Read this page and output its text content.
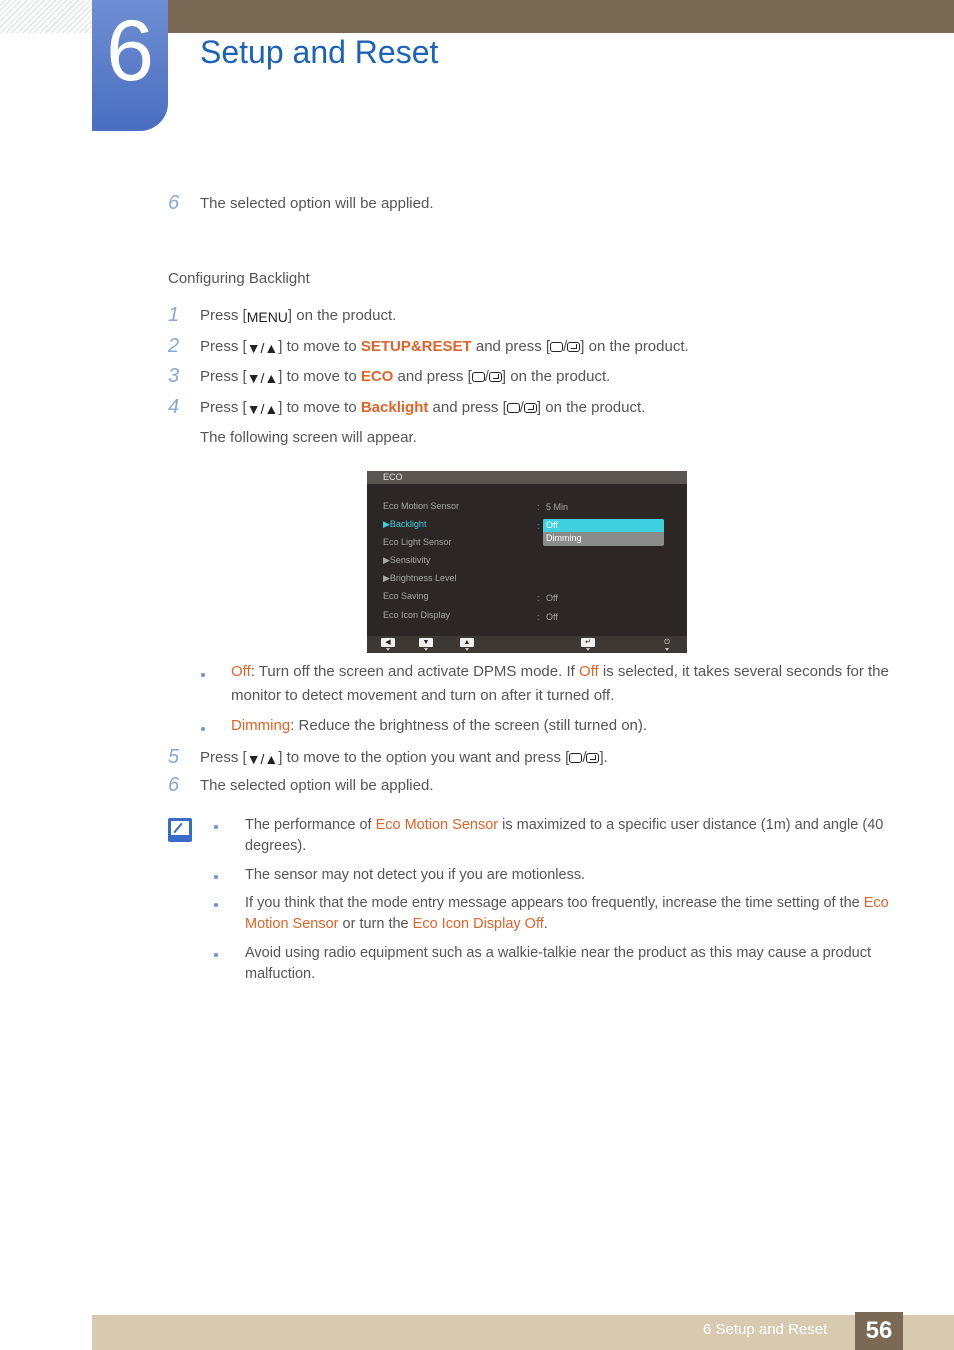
6	Setup and Reset
6 The selected option will be applied.
Configuring Backlight
1 Press [MENU] on the product.
2 Press [▼/▲] to move to SETUP&RESET and press [ / ] on the product.
3 Press [▼/▲] to move to ECO and press [ / ] on the product.
4 Press [▼/▲] to move to Backlight and press [ / ] on the product.
The following screen will appear.
ECO
Eco Motion Sensor	: 5 Min
▶Backlight	:
Eco Light Sensor
▶Sensitivity
▶Brightness Level
Eco Saving	: Off
Eco Icon Display	: Off
Off
Dimming
◀	▼	▲	↵	⏻
Off: Turn off the screen and activate DPMS mode. If Off is selected, it takes several seconds for the monitor to detect movement and turn on after it turned off.
Dimming: Reduce the brightness of the screen (still turned on).
5 Press [▼/▲] to move to the option you want and press [ / ].
6 The selected option will be applied.
The performance of Eco Motion Sensor is maximized to a specific user distance (1m) and angle (40 degrees).
The sensor may not detect you if you are motionless.
If you think that the mode entry message appears too frequently, increase the time setting of the Eco Motion Sensor or turn the Eco Icon Display Off.
Avoid using radio equipment such as a walkie-talkie near the product as this may cause a product malfuction.
6 Setup and Reset	56
